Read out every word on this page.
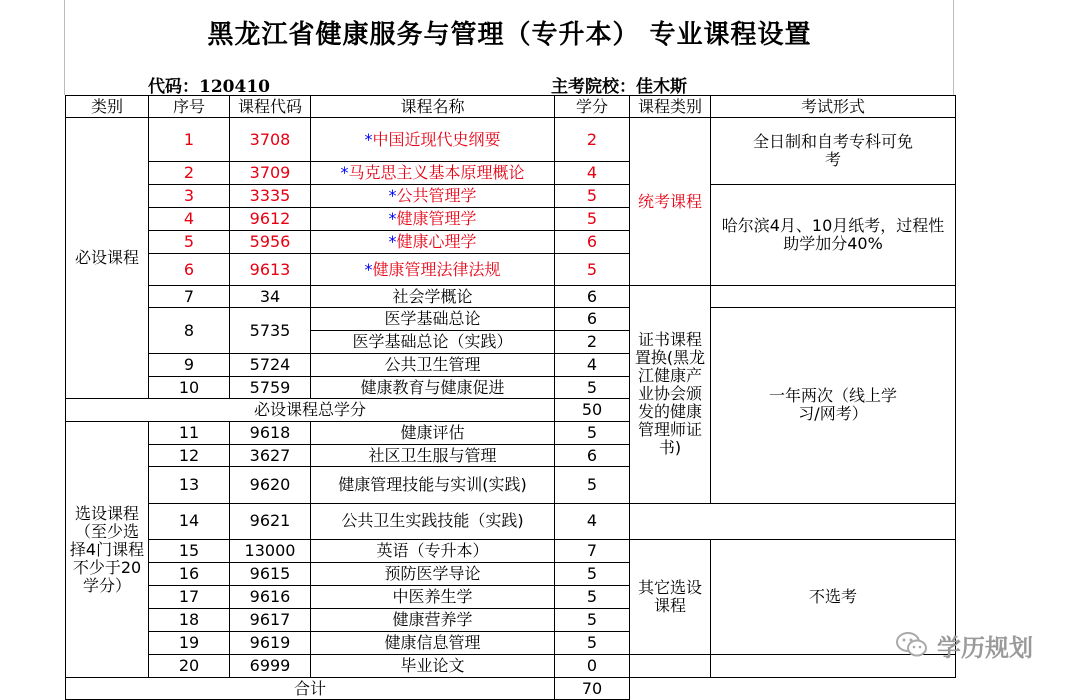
黑龙江省健康服务与管理（专升本） 专业课程设置
代码：120410	主考院校：佳木斯
类别	序号	课程代码	课程名称	学分	课程类别	考试形式	
必设课程	1	3708	*中国近现代史纲要	2	统考课程	全日制和自考专科可免考	
	2	3709	*马克思主义基本原理概论	4			
	3	3335	*公共管理学	5		哈尔滨4月、10月纸考，过程性助学加分40%	
	4	9612	*健康管理学	5			
	5	5956	*健康心理学	6			
	6	9613	*健康管理法律法规	5			
	7	34	社会学概论	6	证书课程置换(黑龙江健康产业协会颁发的健康管理师证书)		
	8	5735	医学基础总论	6		一年两次（线上学习/网考）	
			医学基础总论（实践）	2			
	9	5724	公共卫生管理	4			
	10	5759	健康教育与健康促进	5			
必设课程总学分				50			
选设课程（至少选择4门课程不少于20学分）	11	9618	健康评估	5			
	12	3627	社区卫生服与管理	6			
	13	9620	健康管理技能与实训(实践)	5		
	14	9621	公共卫生实践技能（实践)	4			
	15	13000	英语（专升本）	7	其它选设课程	不选考	
	16	9615	预防医学导论	5			
	17	9616	中医养生学	5			
	18	9617	健康营养学	5			
	19	9619	健康信息管理	5			
	20	6999	毕业论文	0			
合计				70			
学历规划
